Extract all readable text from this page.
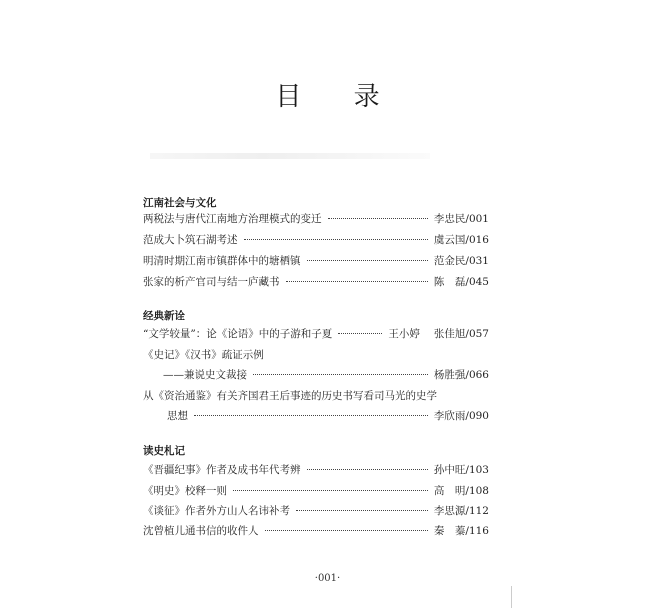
目 录
江南社会与文化
两税法与唐代江南地方治理模式的变迁	李忠民/001
范成大卜筑石湖考述	虞云国/016
明清时期江南市镇群体中的塘栖镇	范金民/031
张家的析产官司与结一庐藏书	陈　磊/045
经典新诠
“文学较量”：论《论语》中的子游和子夏	王小婷 张佳旭/057
《史记》《汉书》疏证示例
——兼说史文裁接	杨胜强/066
从《资治通鉴》有关齐国君王后事迹的历史书写看司马光的史学
思想	李欣雨/090
读史札记
《晋疆纪事》作者及成书年代考辨	孙中旺/103
《明史》校释一则	高　明/108
《谈征》作者外方山人名讳补考	李思源/112
沈曾植儿通书信的收件人	秦　蓁/116
·001·
